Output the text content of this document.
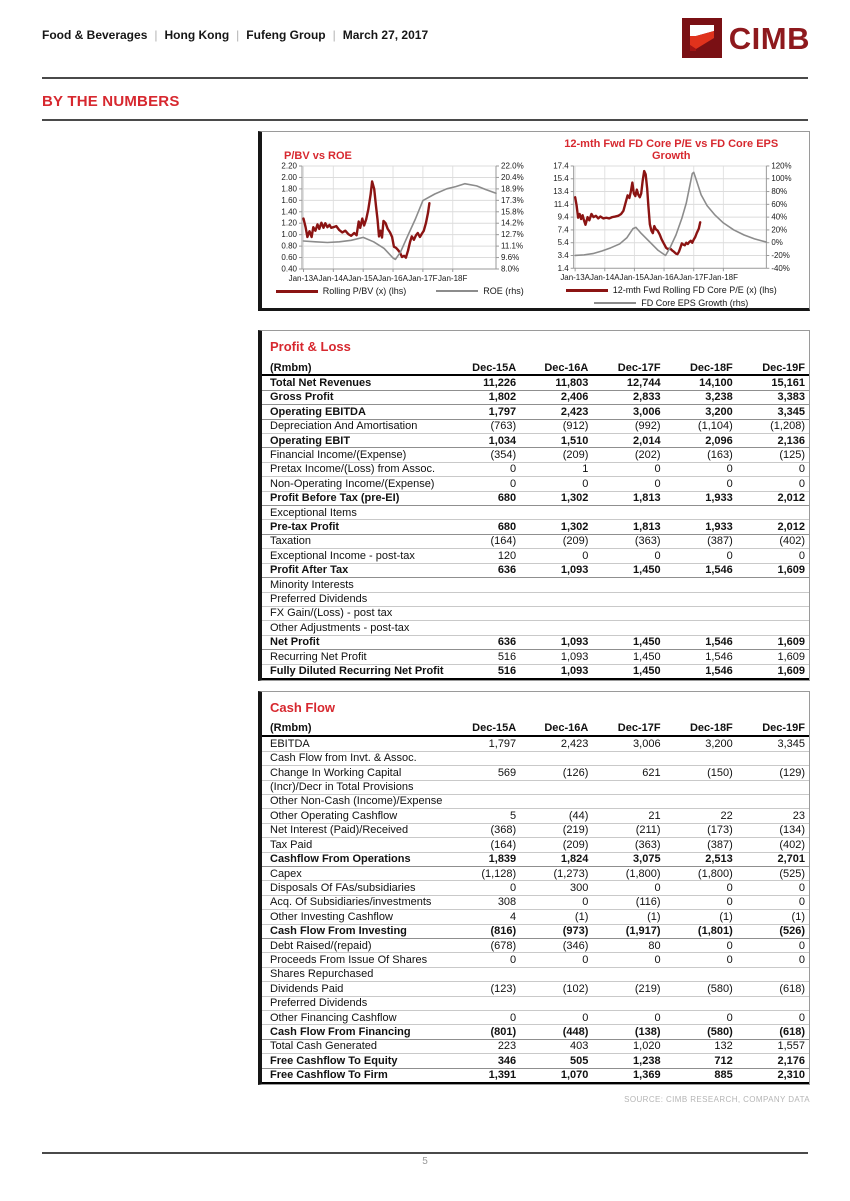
Food & Beverages | Hong Kong | Fufeng Group | March 27, 2017	CIMB
BY THE NUMBERS
P/BV vs ROE
Jan-13A Jan-14A Jan-15A Jan-16A Jan-17F Jan-18F
2.20	22.0%
2.00	20.4%
1.80	18.9%
1.60	17.3%
1.40	15.8%
1.20	14.2%
1.00	12.7%
0.80	11.1%
0.60	9.6%
0.40	8.0%
Rolling P/BV (x) (lhs)	ROE (rhs)
12-mth Fwd FD Core P/E vs FD Core EPS Growth
Jan-13A Jan-14A Jan-15A Jan-16A Jan-17F Jan-18F
17.4	120%
15.4	100%
13.4	80%
11.4	60%
9.4	40%
7.4	20%
5.4	0%
3.4	-20%
1.4	-40%
12-mth Fwd Rolling FD Core P/E (x) (lhs)
FD Core EPS Growth (rhs)
Profit & Loss
(Rmbm)	Dec-15A	Dec-16A	Dec-17F	Dec-18F	Dec-19F
Total Net Revenues	11,226	11,803	12,744	14,100	15,161
Gross Profit	1,802	2,406	2,833	3,238	3,383
Operating EBITDA	1,797	2,423	3,006	3,200	3,345
Depreciation And Amortisation	(763)	(912)	(992)	(1,104)	(1,208)
Operating EBIT	1,034	1,510	2,014	2,096	2,136
Financial Income/(Expense)	(354)	(209)	(202)	(163)	(125)
Pretax Income/(Loss) from Assoc.	0	1	0	0	0
Non-Operating Income/(Expense)	0	0	0	0	0
Profit Before Tax (pre-EI)	680	1,302	1,813	1,933	2,012
Exceptional Items					
Pre-tax Profit	680	1,302	1,813	1,933	2,012
Taxation	(164)	(209)	(363)	(387)	(402)
Exceptional Income - post-tax	120	0	0	0	0
Profit After Tax	636	1,093	1,450	1,546	1,609
Minority Interests					
Preferred Dividends					
FX Gain/(Loss) - post tax					
Other Adjustments - post-tax					
Net Profit	636	1,093	1,450	1,546	1,609
Recurring Net Profit	516	1,093	1,450	1,546	1,609
Fully Diluted Recurring Net Profit	516	1,093	1,450	1,546	1,609
Cash Flow
(Rmbm)	Dec-15A	Dec-16A	Dec-17F	Dec-18F	Dec-19F
EBITDA	1,797	2,423	3,006	3,200	3,345
Cash Flow from Invt. & Assoc.					
Change In Working Capital	569	(126)	621	(150)	(129)
(Incr)/Decr in Total Provisions					
Other Non-Cash (Income)/Expense					
Other Operating Cashflow	5	(44)	21	22	23
Net Interest (Paid)/Received	(368)	(219)	(211)	(173)	(134)
Tax Paid	(164)	(209)	(363)	(387)	(402)
Cashflow From Operations	1,839	1,824	3,075	2,513	2,701
Capex	(1,128)	(1,273)	(1,800)	(1,800)	(525)
Disposals Of FAs/subsidiaries	0	300	0	0	0
Acq. Of Subsidiaries/investments	308	0	(116)	0	0
Other Investing Cashflow	4	(1)	(1)	(1)	(1)
Cash Flow From Investing	(816)	(973)	(1,917)	(1,801)	(526)
Debt Raised/(repaid)	(678)	(346)	80	0	0
Proceeds From Issue Of Shares	0	0	0	0	0
Shares Repurchased					
Dividends Paid	(123)	(102)	(219)	(580)	(618)
Preferred Dividends					
Other Financing Cashflow	0	0	0	0	0
Cash Flow From Financing	(801)	(448)	(138)	(580)	(618)
Total Cash Generated	223	403	1,020	132	1,557
Free Cashflow To Equity	346	505	1,238	712	2,176
Free Cashflow To Firm	1,391	1,070	1,369	885	2,310
SOURCE: CIMB RESEARCH, COMPANY DATA
5
